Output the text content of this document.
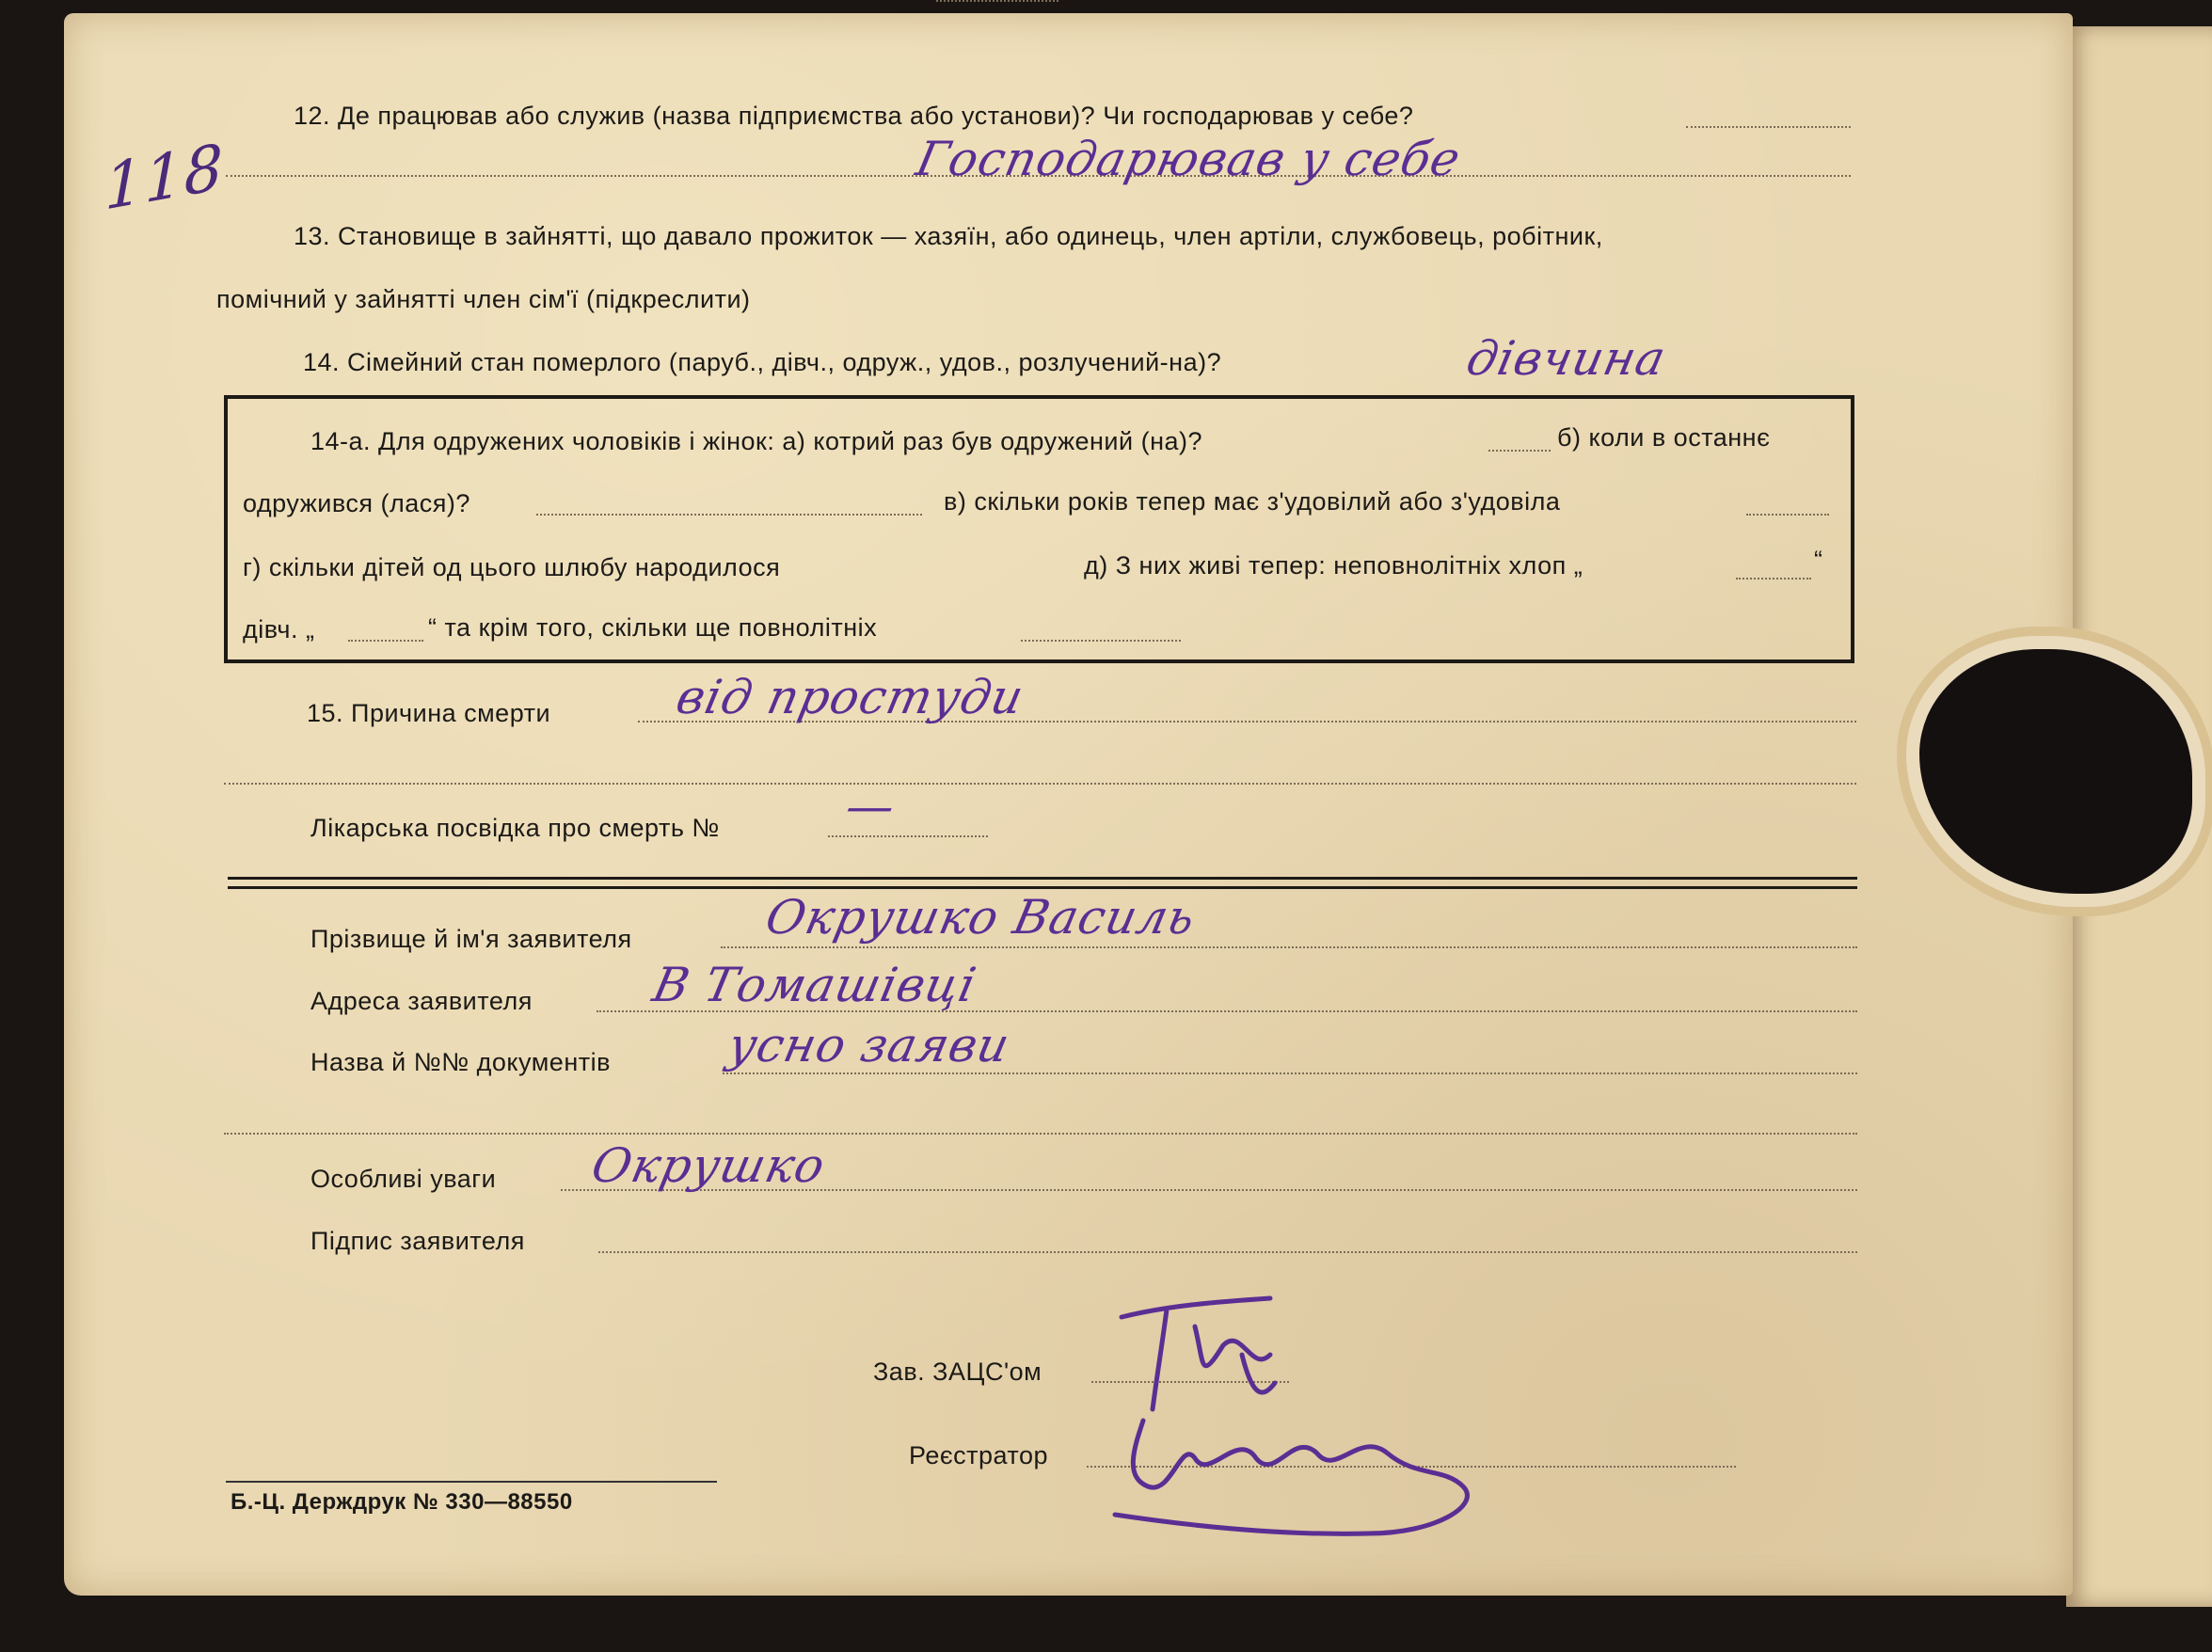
118
12. Де працював або служив (назва підприємства або установи)? Чи господарював у себе?
Господарював у себе
13. Становище в зайнятті, що давало прожиток — хазяїн, або одинець, член артіли, службовець, робітник,
помічний у зайнятті член сім'ї (підкреслити)
14. Сімейний стан померлого (паруб., дівч., одруж., удов., розлучений-на)?	дівчина
14-а. Для одружених чоловіків і жінок: а) котрий раз був одружений (на)?	б) коли в останнє
одружився (лася)?	в) скільки років тепер має з'удовілий або з'удовіла
г) скільки дітей од цього шлюбу народилося	д) З них живі тепер: неповнолітніх хлоп „	“
дівч. „	“ та крім того, скільки ще повнолітніх
15. Причина смерти	від простуди
Лікарська посвідка про смерть №	—
Прізвище й ім'я заявителя	Окрушко Василь
Адреса заявителя В Томашівці
Назва й №№ документів усно заяви
Особливі уваги Окрушко
Підпис заявителя
Зав. ЗАЦС'ом
Реєстратор
Б.-Ц. Держдрук № 330—88550
